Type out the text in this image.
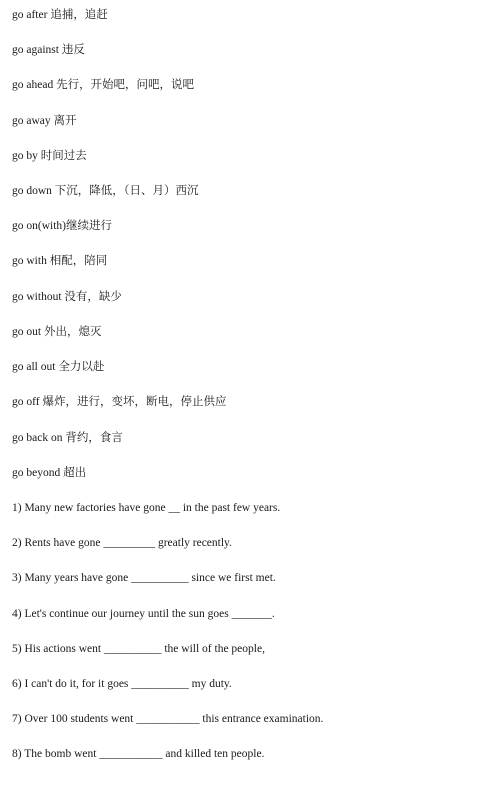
go after 追捕，追赶
go against 违反
go ahead 先行，开始吧，问吧，说吧
go away 离开
go by 时间过去
go down 下沉，降低，（日、月）西沉
go on(with)继续进行
go with 相配，陪同
go without 没有，缺少
go out 外出，熄灭
go all out 全力以赴
go off 爆炸，进行，变坏，断电，停止供应
go back on 背约，食言
go beyond 超出
1) Many new factories have gone __ in the past few years.
2) Rents have gone _________ greatly recently.
3) Many years have gone __________ since we first met.
4) Let's continue our journey until the sun goes _______.
5) His actions went __________ the will of the people,
6) I can't do it, for it goes __________ my duty.
7) Over 100 students went ___________ this entrance examination.
8) The bomb went ___________ and killed ten people.
